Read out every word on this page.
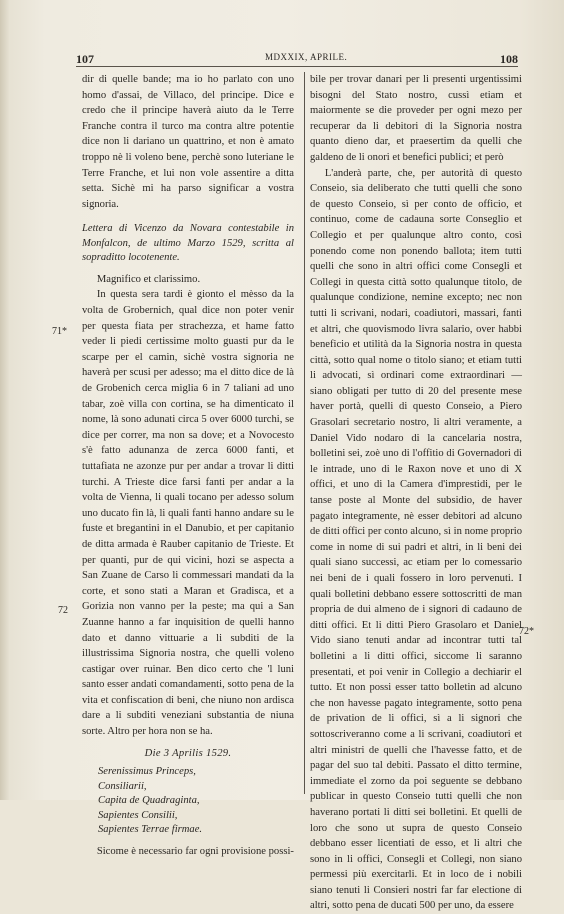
107	MDXXIX, APRILE.	108
71*
72
72*

dir di quelle bande; ma io ho parlato con uno homo d'assai, de Villaco, del principe. Dice e credo che il principe haverà aiuto da le Terre Franche contra il turco ma contra altre potentie dice non li dariano un quattrino, et non è amato troppo nè li voleno bene, perchè sono luteriane le Terre Franche, et lui non vole assentire a ditta setta. Sichè mi ha parso significar a vostra signoria.

Lettera di Vicenzo da Novara contestabile in Monfalcon, de ultimo Marzo 1529, scritta al sopraditto locotenente.

Magnifico et clarissimo.

In questa sera tardi è gionto el mèsso da la volta de Grobernich, qual dice non poter venir per questa fiata per strachezza, et hame fatto veder li piedi certissime molto guasti pur da le scarpe per el camin, sichè vostra signoria ne haverà per scusi per adesso; ma el ditto dice de là de Grobenich cerca miglia 6 in 7 taliani ad uno tabar, zoè villa con cortina, se ha dimenticato il nome, là sono adunati circa 5 over 6000 turchi, se dice per correr, ma non sa dove; et a Novocesto s'è fatto adunanza de zerca 6000 fanti, et tuttafiata ne azonze pur per andar a trovar li ditti turchi. A Trieste dice farsi fanti per andar a la volta de Vienna, li quali tocano per adesso solum uno ducato fin là, li quali fanti hanno andare su le fuste et bregantini in el Danubio, et per capitanio de ditta armada è Rauber capitanio de Trieste. Et per quanti, pur de qui vicini, hozi se aspecta a San Zuane de Carso li commessari mandati da la corte, et sono stati a Maran et Gradisca, et a Gorizia non vanno per la peste; ma qui a San Zuanne hanno a far inquisition de quelli hanno dato et danno vittuarie a li subditi de la illustrissima Signoria nostra, che quelli voleno castigar over ruinar. Ben dico certo che 'l luni santo esser andati comandamenti, sotto pena de la vita et confiscation di beni, che niuno non ardisca dare a li subditi veneziani substantia de niuna sorte. Altro per hora non se ha.

Die 3 Aprilis 1529.

Serenissimus Princeps,

Consiliarii,

Capita de Quadraginta,

Sapientes Consilii,

Sapientes Terrae firmae.

Sicome è necessario far ogni provisione possi-

bile per trovar danari per li presenti urgentissimi bisogni del Stato nostro, cussì etiam et maiormente se die proveder per ogni mezo per recuperar da li debitori di la Signoria nostra quanto dieno dar, et praesertim da quelli che galdeno de li onori et benefici publici; et però

L'anderà parte, che, per autorità di questo Conseio, sia deliberato che tutti quelli che sono de questo Conseio, sì per conto de officio, et continuo, come de cadauna sorte Conseglio et Collegio et per qualunque altro conto, così ponendo come non ponendo ballota; item tutti quelli che sono in altri offici come Consegli et Collegi in questa città sotto qualunque titolo, de qualunque condizione, nemine excepto; nec non tutti li scrivani, nodari, coadiutori, massari, fanti et altri, che quovismodo livra salario, over habbi beneficio et utilità da la Signoria nostra in questa città, sotto qual nome o titolo siano; et etiam tutti li advocati, sì ordinari come extraordinari — siano obligati per tutto di 20 del presente mese haver portà, quelli di questo Conseio, a Piero Grasolari secretario nostro, li altri veramente, a Daniel Vido nodaro di la cancelaria nostra, bolletini sei, zoè uno di l'offitio di Governadori di le intrade, uno di le Raxon nove et uno di X offici, et uno di la Camera d'imprestidi, per le tanse poste al Monte del subsidio, de haver pagato integramente, nè esser debitori ad alcuno de ditti offici per conto alcuno, sì in nome proprio come in nome di sui padri et altri, in li beni dei quali siano successi, ac etiam per lo comessario nei beni de i quali fossero in loro pervenuti. I quali bolletini debbano essere sottoscritti de man propria de dui almeno de i signori di cadauno de ditti offici. Et li ditti Piero Grasolaro et Daniel Vido siano tenuti andar ad incontrar tutti tal bolletini a li ditti offici, siccome li saranno presentati, et poi venir in Collegio a dechiarir el tutto. Et non possi esser tatto bolletin ad alcuno che non havesse pagato integramente, sotto pena de privation de li offici, sì a li signori che sottoscriveranno come a li scrivani, coadiutori et altri ministri de quelli che l'havesse fatto, et de pagar del suo tal debiti. Passato el ditto termine, immediate el zorno da poi seguente se debbano publicar in questo Conseio tutti quelli che non haverano portati li ditti sei bolletini. Et quelli de loro che sono ut supra de questo Conseio debbano esser licentiati de esso, et li altri che sono in li offici, Consegli et Collegi, non siano permessi più exercitarli. Et in loco de i nobili siano tenuti li Consieri nostri far far electione di altri, sotto pena de ducati 500 per uno, da essere
